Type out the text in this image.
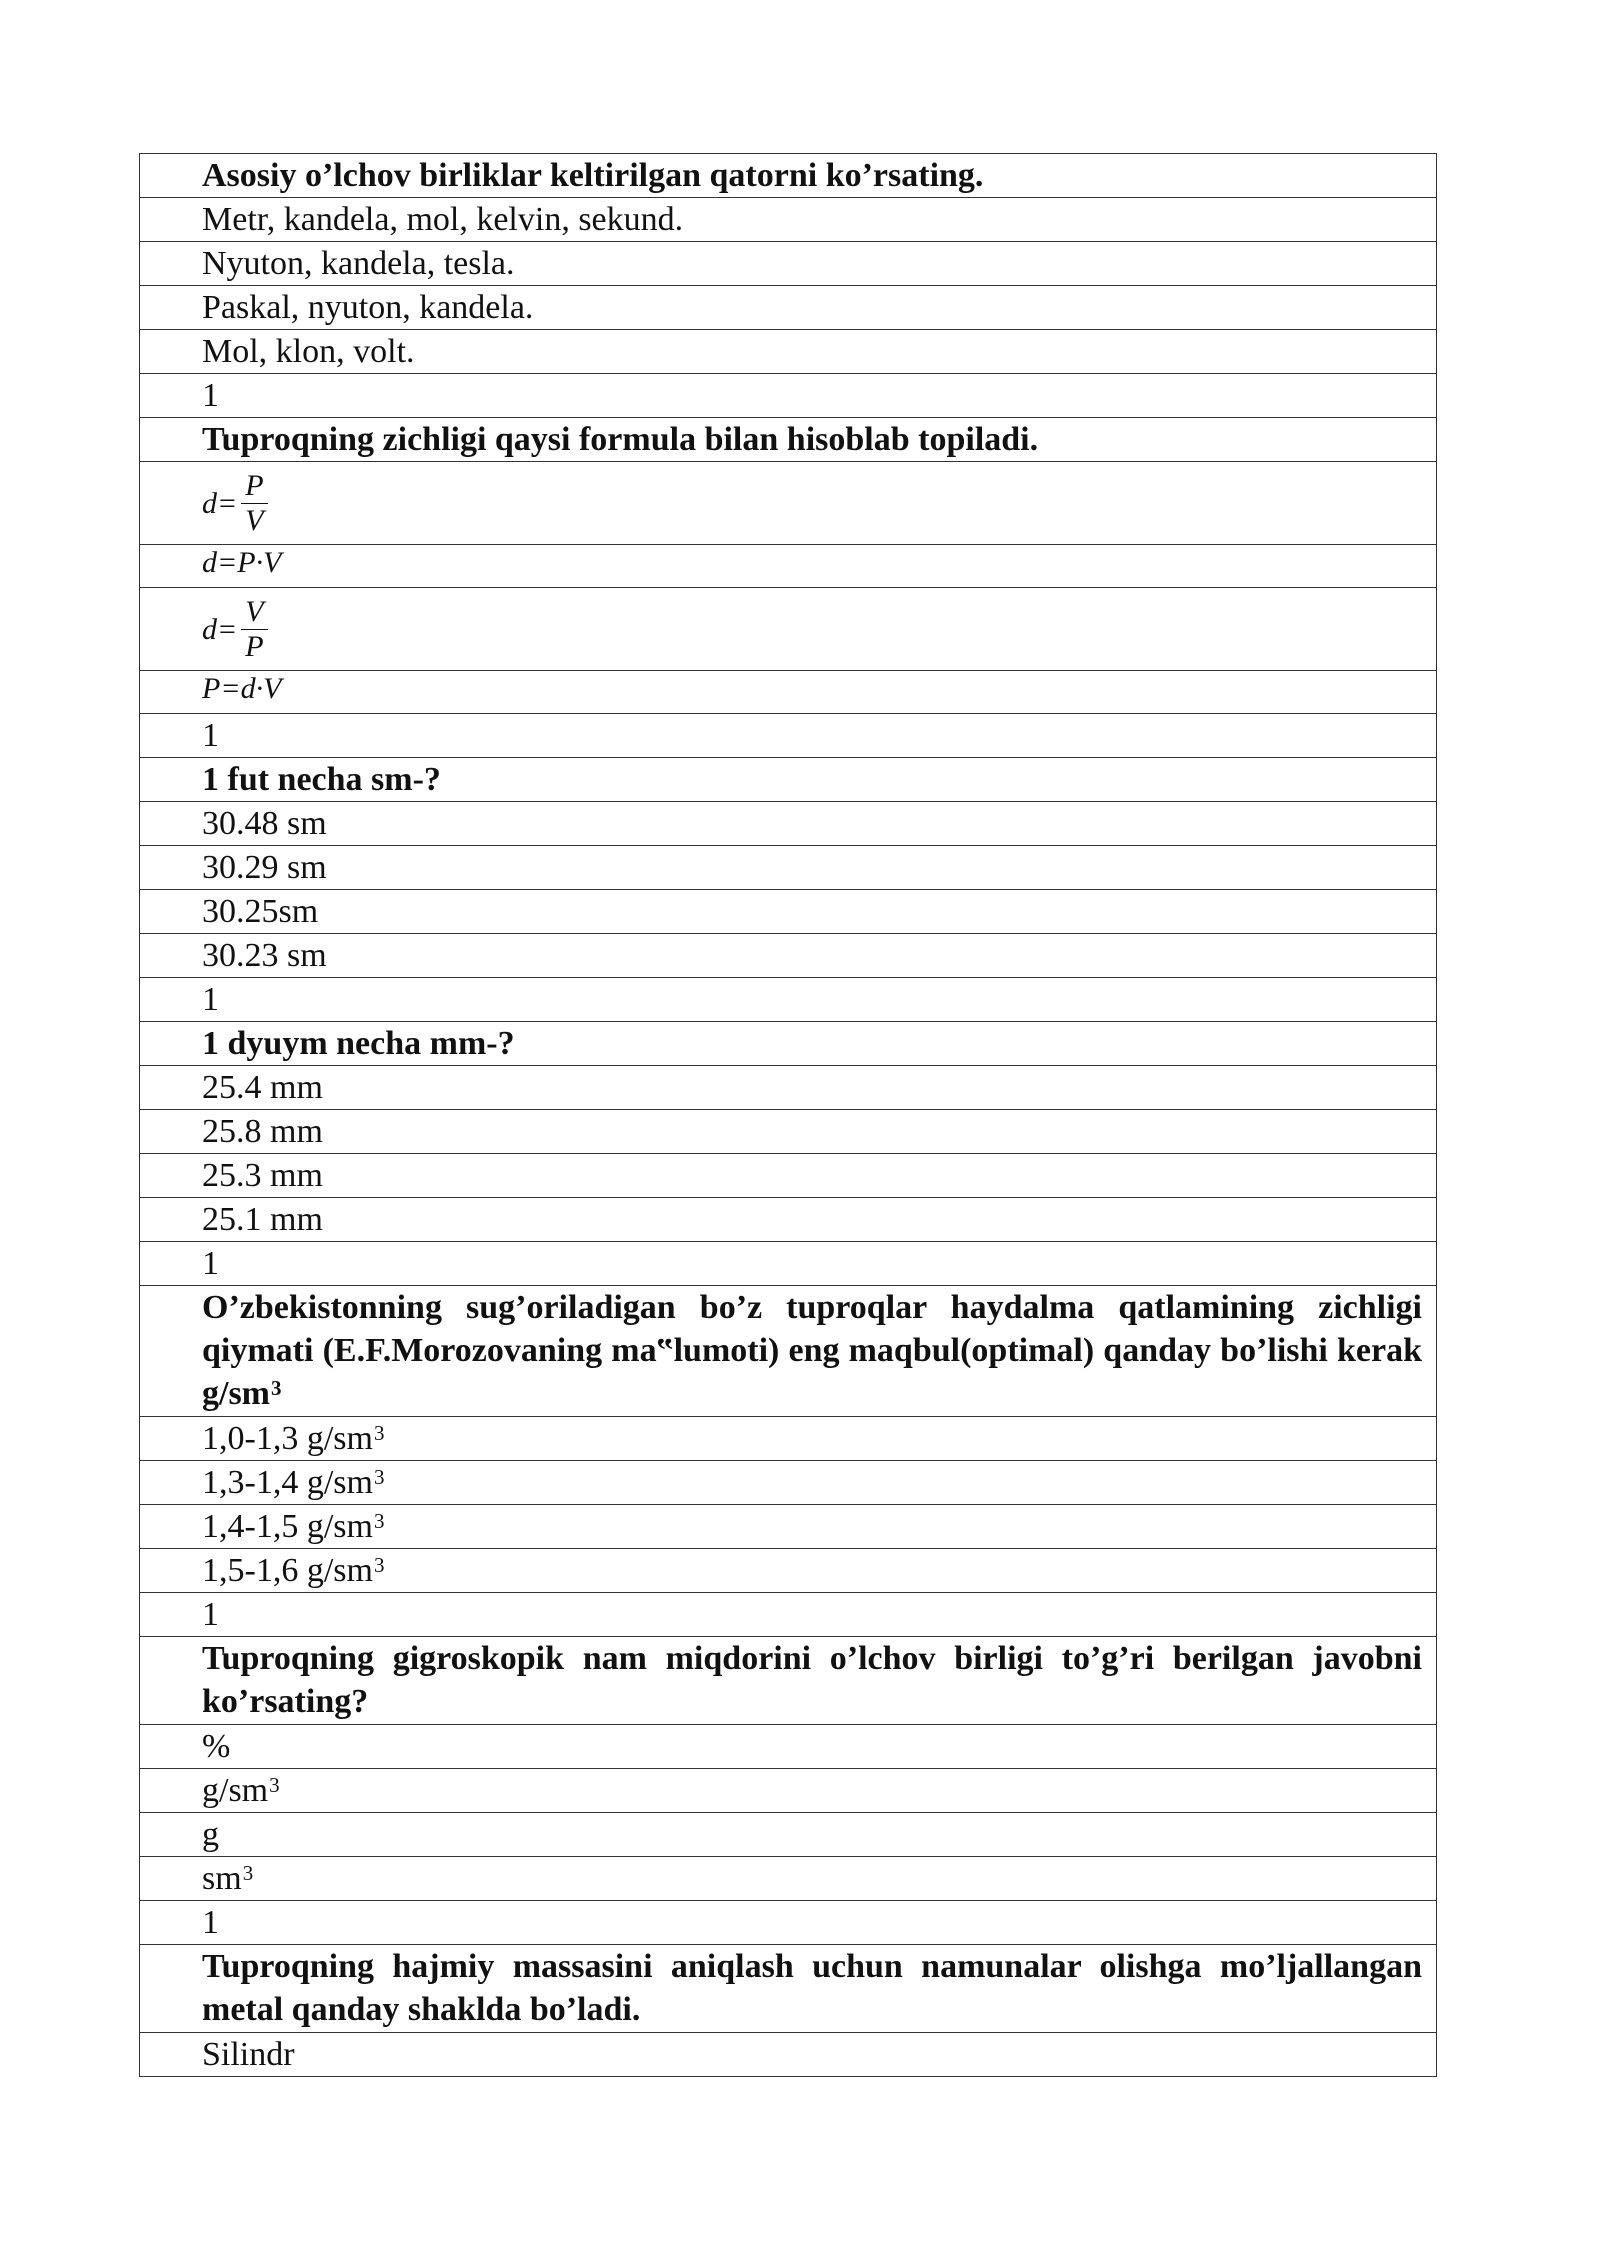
Asosiy o’lchov birliklar keltirilgan qatorni ko’rsating.
Metr, kandela, mol, kelvin, sekund.
Nyuton, kandela, tesla.
Paskal, nyuton, kandela.
Mol, klon, volt.
1
Tuproqning zichligi qaysi formula bilan hisoblab topiladi.
$d= \frac{P}{V}$
d=P·V
$d= \frac{V}{P}$
P=d·V
1
1 fut necha sm-?
30.48 sm
30.29 sm
30.25sm
30.23 sm
1
1 dyuym necha mm-?
25.4 mm
25.8 mm
25.3 mm
25.1 mm
1
O’zbekistonning sug’oriladigan bo’z tuproqlar haydalma qatlamining zichligi qiymati (E.F.Morozovaning ma‟lumoti) eng maqbul(optimal) qanday bo’lishi kerak $g/sm^3$
1,0-1,3 $g/sm^3$
1,3-1,4 $g/sm^3$
1,4-1,5 $g/sm^3$
1,5-1,6 $g/sm^3$
1
Tuproqning gigroskopik nam miqdorini o’lchov birligi to’g’ri berilgan javobni ko’rsating?
%
$g/sm^3$
g
$sm^3$
1
Tuproqning hajmiy massasini aniqlash uchun namunalar olishga mo’ljallangan metal qanday shaklda bo’ladi.
Silindr
